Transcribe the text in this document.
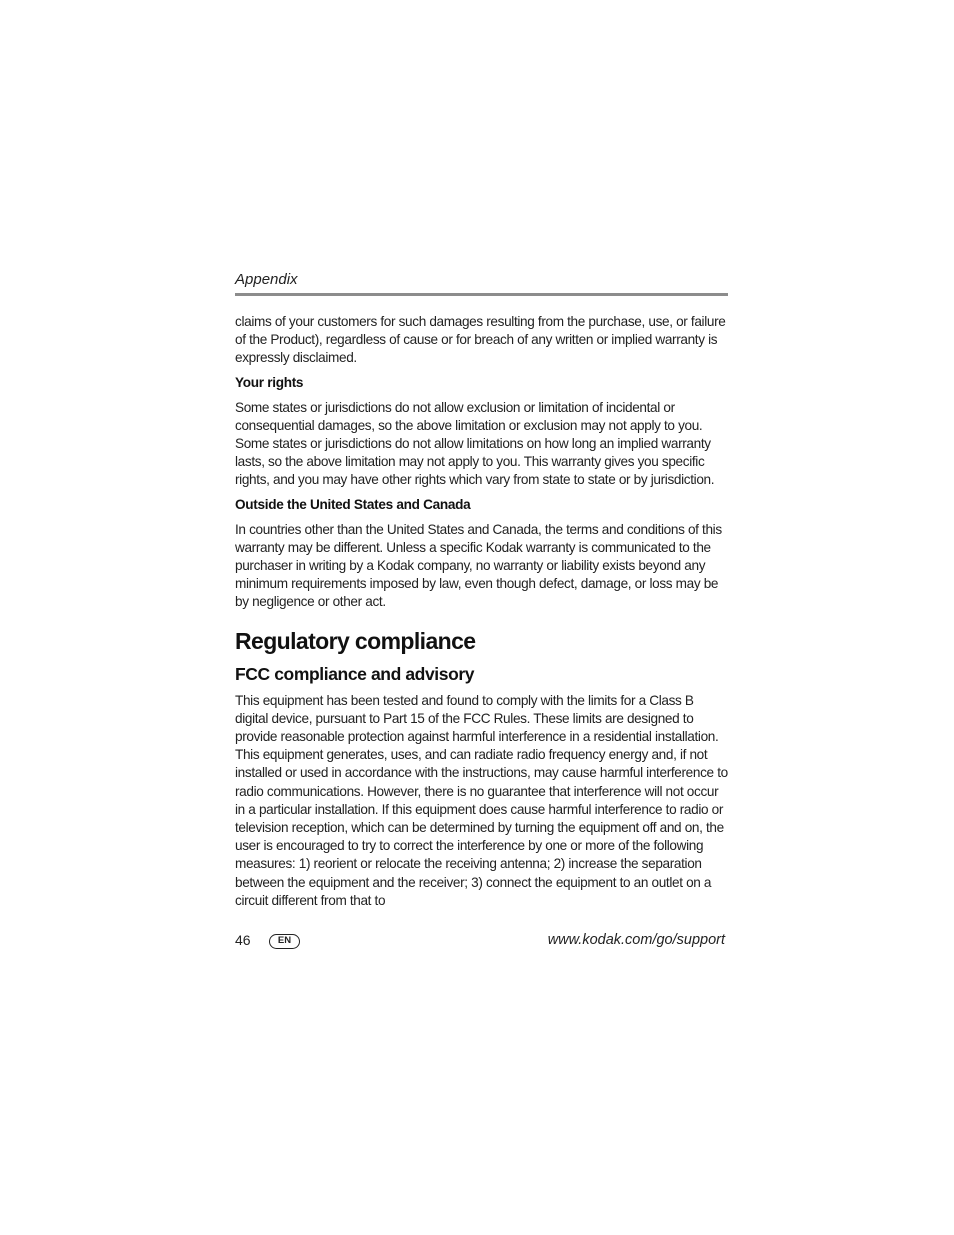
Appendix

claims of your customers for such damages resulting from the purchase, use, or failure of the Product), regardless of cause or for breach of any written or implied warranty is expressly disclaimed.

Your rights

Some states or jurisdictions do not allow exclusion or limitation of incidental or consequential damages, so the above limitation or exclusion may not apply to you. Some states or jurisdictions do not allow limitations on how long an implied warranty lasts, so the above limitation may not apply to you. This warranty gives you specific rights, and you may have other rights which vary from state to state or by jurisdiction.

Outside the United States and Canada

In countries other than the United States and Canada, the terms and conditions of this warranty may be different. Unless a specific Kodak warranty is communicated to the purchaser in writing by a Kodak company, no warranty or liability exists beyond any minimum requirements imposed by law, even though defect, damage, or loss may be by negligence or other act.

Regulatory compliance
FCC compliance and advisory

This equipment has been tested and found to comply with the limits for a Class B digital device, pursuant to Part 15 of the FCC Rules. These limits are designed to provide reasonable protection against harmful interference in a residential installation. This equipment generates, uses, and can radiate radio frequency energy and, if not installed or used in accordance with the instructions, may cause harmful interference to radio communications. However, there is no guarantee that interference will not occur in a particular installation. If this equipment does cause harmful interference to radio or television reception, which can be determined by turning the equipment off and on, the user is encouraged to try to correct the interference by one or more of the following measures: 1) reorient or relocate the receiving antenna; 2) increase the separation between the equipment and the receiver; 3) connect the equipment to an outlet on a circuit different from that to

46	EN	www.kodak.com/go/support
